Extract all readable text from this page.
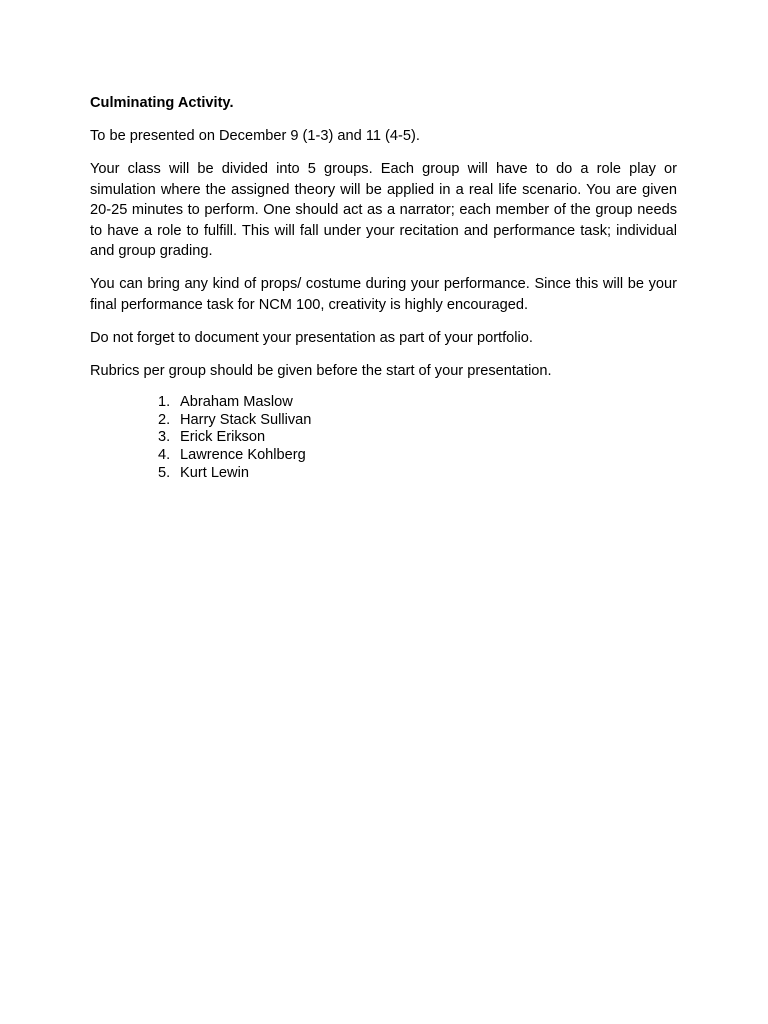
Culminating Activity.

To be presented on December 9 (1-3) and 11 (4-5).

Your class will be divided into 5 groups. Each group will have to do a role play or simulation where the assigned theory will be applied in a real life scenario. You are given 20-25 minutes to perform. One should act as a narrator; each member of the group needs to have a role to fulfill. This will fall under your recitation and performance task; individual and group grading.

You can bring any kind of props/ costume during your performance. Since this will be your final performance task for NCM 100, creativity is highly encouraged.

Do not forget to document your presentation as part of your portfolio.

Rubrics per group should be given before the start of your presentation.

1. Abraham Maslow
2. Harry Stack Sullivan
3. Erick Erikson
4. Lawrence Kohlberg
5. Kurt Lewin
